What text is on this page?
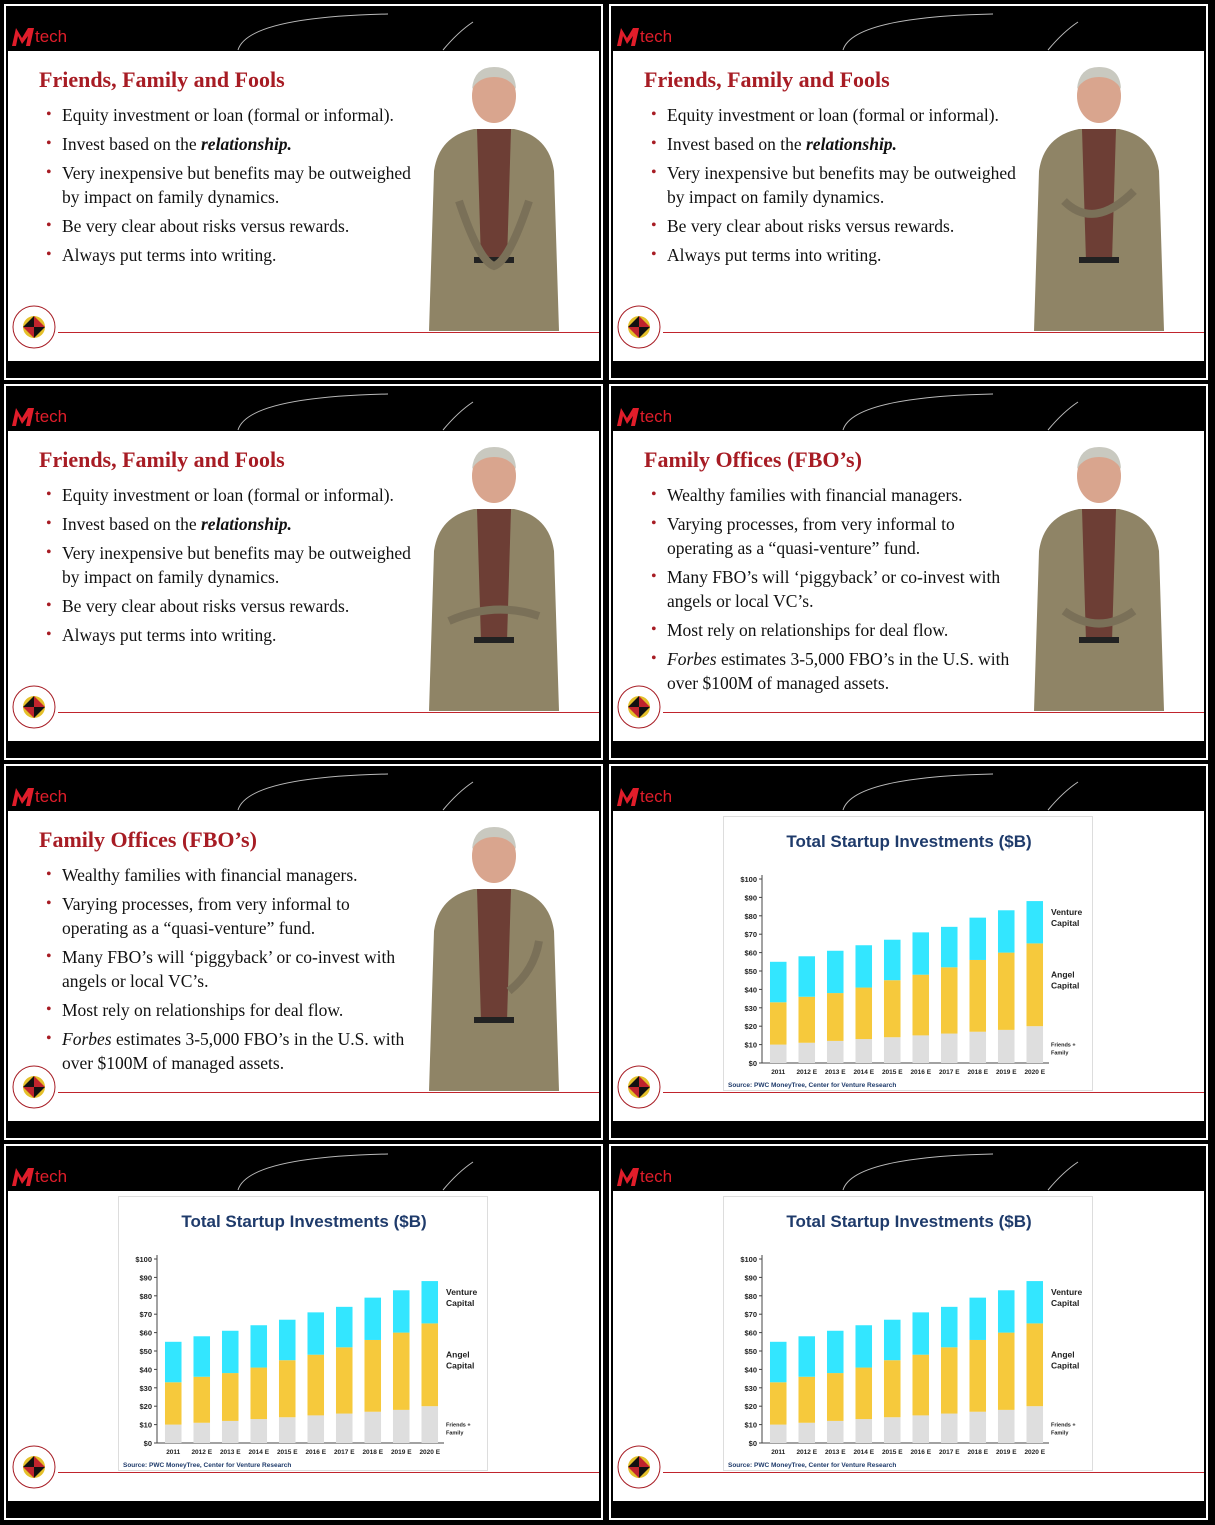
tech
Friends, Family and Fools
• Equity investment or loan (formal or informal).
• Invest based on the relationship.
• Very inexpensive but benefits may be outweighed by impact on family dynamics.
• Be very clear about risks versus rewards.
• Always put terms into writing.
tech
Friends, Family and Fools
• Equity investment or loan (formal or informal).
• Invest based on the relationship.
• Very inexpensive but benefits may be outweighed by impact on family dynamics.
• Be very clear about risks versus rewards.
• Always put terms into writing.
tech
Friends, Family and Fools
• Equity investment or loan (formal or informal).
• Invest based on the relationship.
• Very inexpensive but benefits may be outweighed by impact on family dynamics.
• Be very clear about risks versus rewards.
• Always put terms into writing.
tech
Family Offices (FBO’s)
• Wealthy families with financial managers.
• Varying processes, from very informal to operating as a “quasi-venture” fund.
• Many FBO’s will ‘piggyback’ or co-invest with angels or local VC’s.
• Most rely on relationships for deal flow.
• Forbes estimates 3-5,000 FBO’s in the U.S. with over $100M of managed assets.
tech
Family Offices (FBO’s)
• Wealthy families with financial managers.
• Varying processes, from very informal to operating as a “quasi-venture” fund.
• Many FBO’s will ‘piggyback’ or co-invest with angels or local VC’s.
• Most rely on relationships for deal flow.
• Forbes estimates 3-5,000 FBO’s in the U.S. with over $100M of managed assets.
tech
Total Startup Investments ($B)
$0
$10
$20
$30
$40
$50
$60
$70
$80
$90
$100
2011 2012 E 2013 E 2014 E 2015 E 2016 E 2017 E 2018 E 2019 E 2020 E
Venture
Capital
Angel
Capital
Friends +
Family
Source: PWC MoneyTree, Center for Venture Research
tech
Total Startup Investments ($B)
$0
$10
$20
$30
$40
$50
$60
$70
$80
$90
$100
2011 2012 E 2013 E 2014 E 2015 E 2016 E 2017 E 2018 E 2019 E 2020 E
Venture
Capital
Angel
Capital
Friends +
Family
Source: PWC MoneyTree, Center for Venture Research
tech
Total Startup Investments ($B)
$0
$10
$20
$30
$40
$50
$60
$70
$80
$90
$100
2011 2012 E 2013 E 2014 E 2015 E 2016 E 2017 E 2018 E 2019 E 2020 E
Venture
Capital
Angel
Capital
Friends +
Family
Source: PWC MoneyTree, Center for Venture Research
